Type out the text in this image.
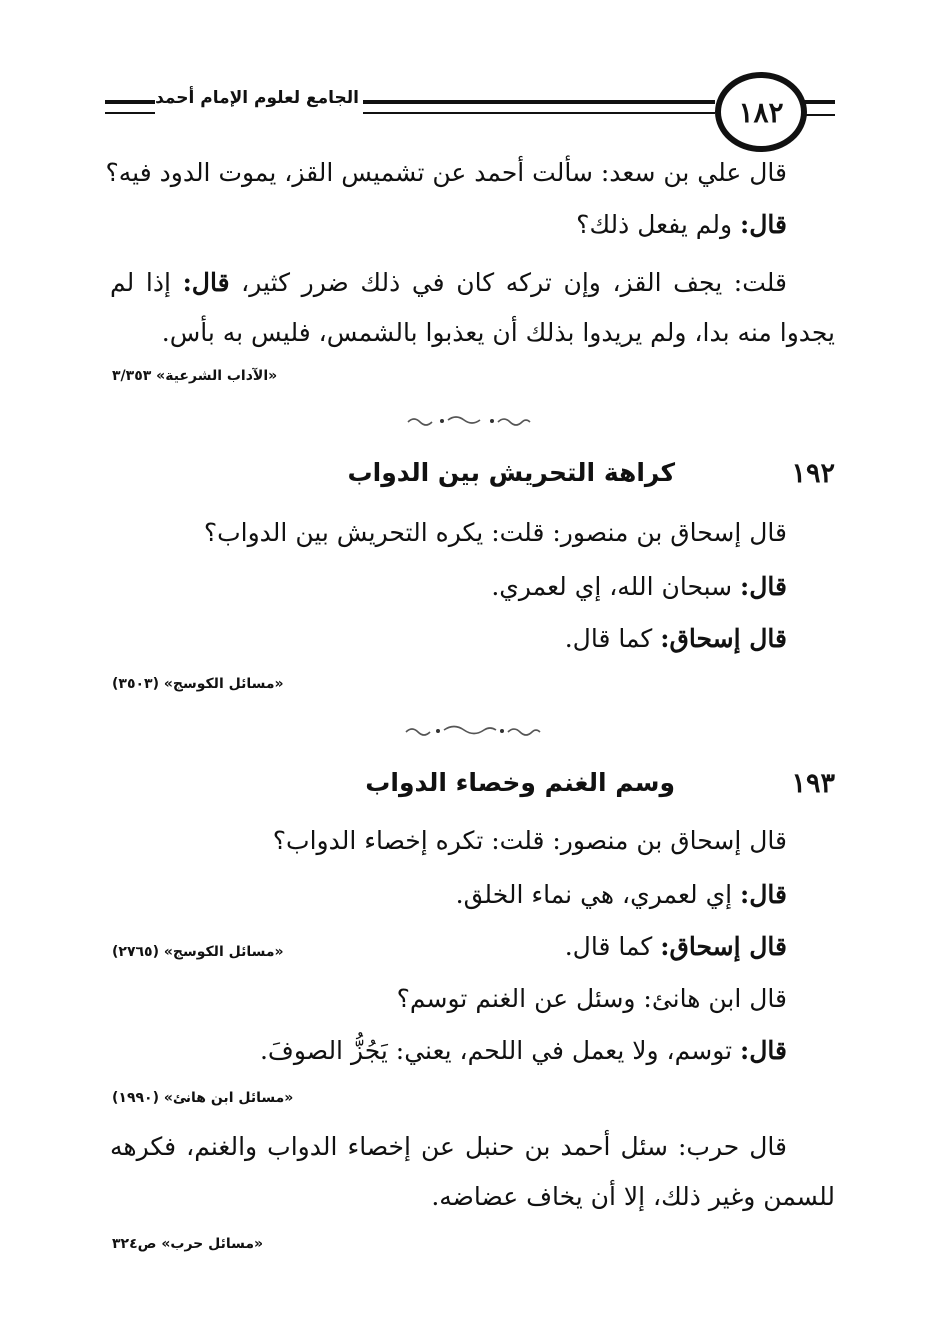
الجامع لعلوم الإمام أحمد	١٨٢
قال علي بن سعد: سألت أحمد عن تشميس القز، يموت الدود فيه؟
قال: ولم يفعل ذلك؟
قلت: يجف القز، وإن تركه كان في ذلك ضرر كثير، قال: إذا لم
يجدوا منه بدا، ولم يريدوا بذلك أن يعذبوا بالشمس، فليس به بأس.
«الآداب الشرعية» ٣/٣٥٣
١٩٢
كراهة التحريش بين الدواب
قال إسحاق بن منصور: قلت: يكره التحريش بين الدواب؟
قال: سبحان الله، إي لعمري.
قال إسحاق: كما قال.
«مسائل الكوسج» (٣٥٠٣)
١٩٣
وسم الغنم وخصاء الدواب
قال إسحاق بن منصور: قلت: تكره إخصاء الدواب؟
قال: إي لعمري، هي نماء الخلق.
قال إسحاق: كما قال.
«مسائل الكوسج» (٢٧٦٥)
قال ابن هانئ: وسئل عن الغنم توسم؟
قال: توسم، ولا يعمل في اللحم، يعني: يَجُزُّ الصوفَ.
«مسائل ابن هانئ» (١٩٩٠)
قال حرب: سئل أحمد بن حنبل عن إخصاء الدواب والغنم، فكرهه
للسمن وغير ذلك، إلا أن يخاف عضاضه.
«مسائل حرب» ص٣٢٤
